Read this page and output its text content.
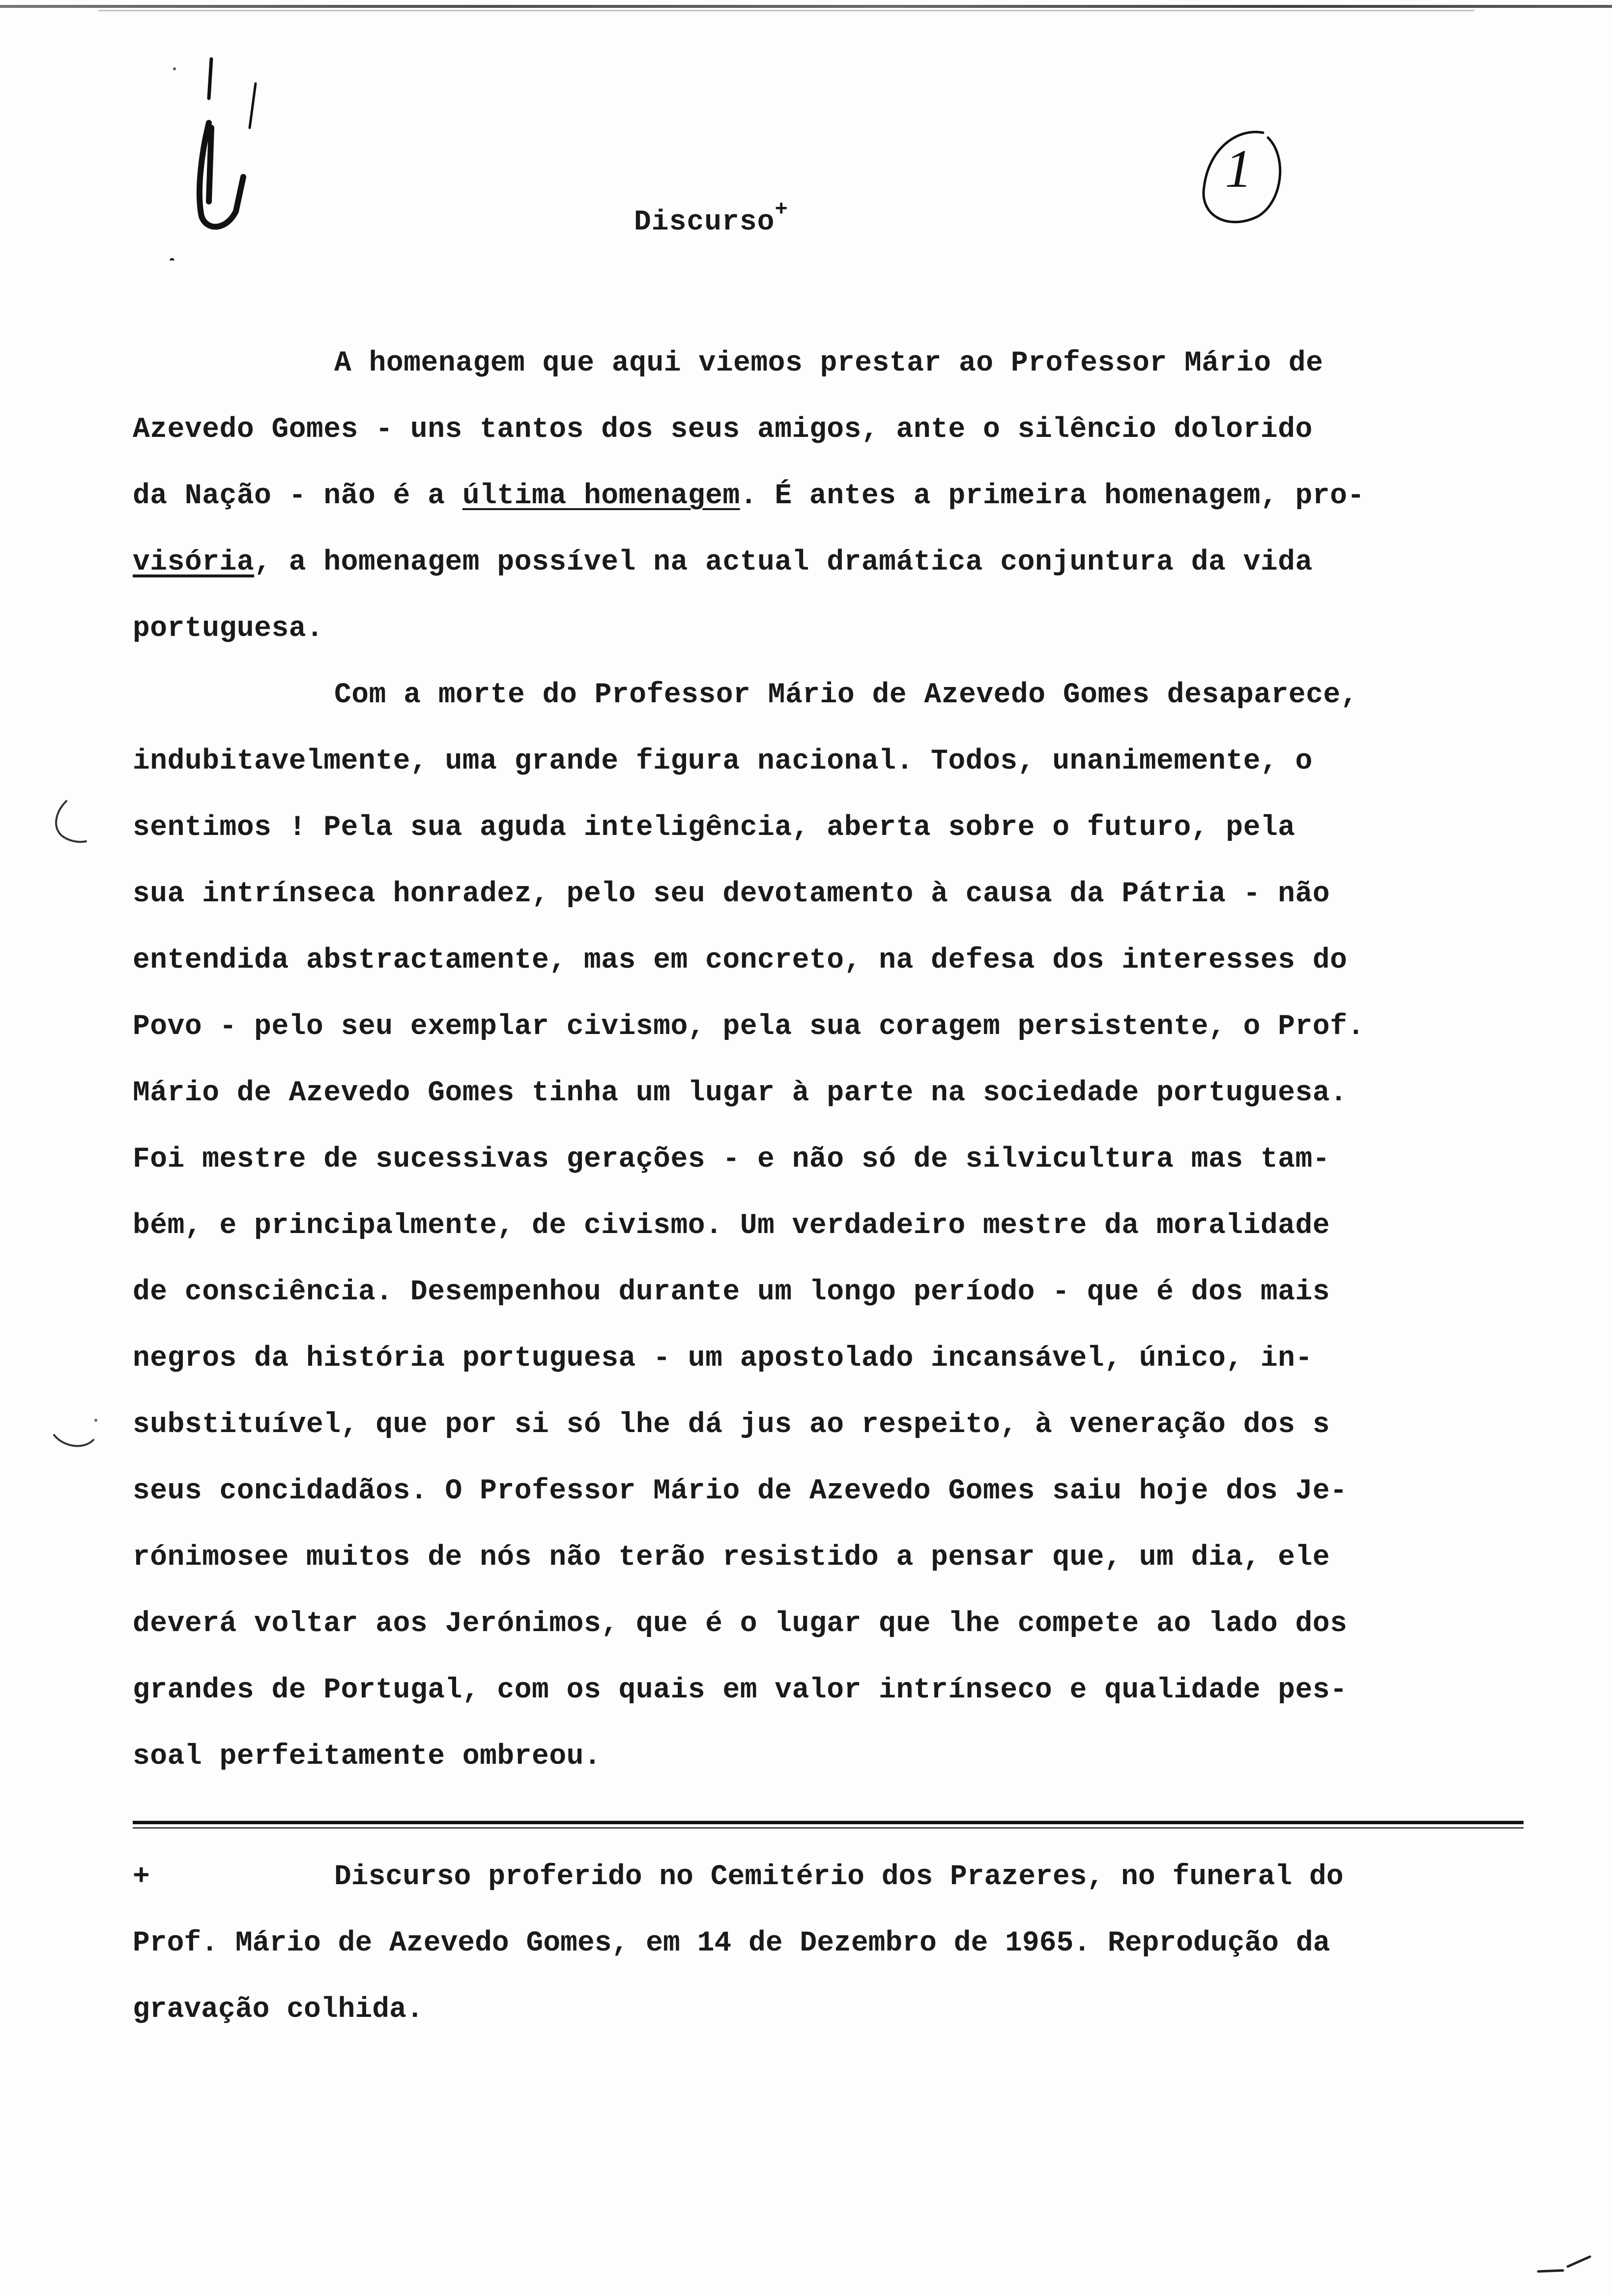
1
Discurso+
A homenagem que aqui viemos prestar ao Professor Mário de
Azevedo Gomes - uns tantos dos seus amigos, ante o silêncio dolorido
da Nação - não é a última homenagem. É antes a primeira homenagem, pro-
visória, a homenagem possível na actual dramática conjuntura da vida
portuguesa.
Com a morte do Professor Mário de Azevedo Gomes desaparece,
indubitavelmente, uma grande figura nacional. Todos, unanimemente, o
sentimos ! Pela sua aguda inteligência, aberta sobre o futuro, pela
sua intrínseca honradez, pelo seu devotamento à causa da Pátria - não
entendida abstractamente, mas em concreto, na defesa dos interesses do
Povo - pelo seu exemplar civismo, pela sua coragem persistente, o Prof.
Mário de Azevedo Gomes tinha um lugar à parte na sociedade portuguesa.
Foi mestre de sucessivas gerações - e não só de silvicultura mas tam-
bém, e principalmente, de civismo. Um verdadeiro mestre da moralidade
de consciência. Desempenhou durante um longo período - que é dos mais
negros da história portuguesa - um apostolado incansável, único, in-
substituível, que por si só lhe dá jus ao respeito, à veneração dos s
seus concidadãos. O Professor Mário de Azevedo Gomes saiu hoje dos Je-
rónimosee muitos de nós não terão resistido a pensar que, um dia, ele
deverá voltar aos Jerónimos, que é o lugar que lhe compete ao lado dos
grandes de Portugal, com os quais em valor intrínseco e qualidade pes-
soal perfeitamente ombreou.
+	Discurso proferido no Cemitério dos Prazeres, no funeral do
Prof. Mário de Azevedo Gomes, em 14 de Dezembro de 1965. Reprodução da
gravação colhida.
